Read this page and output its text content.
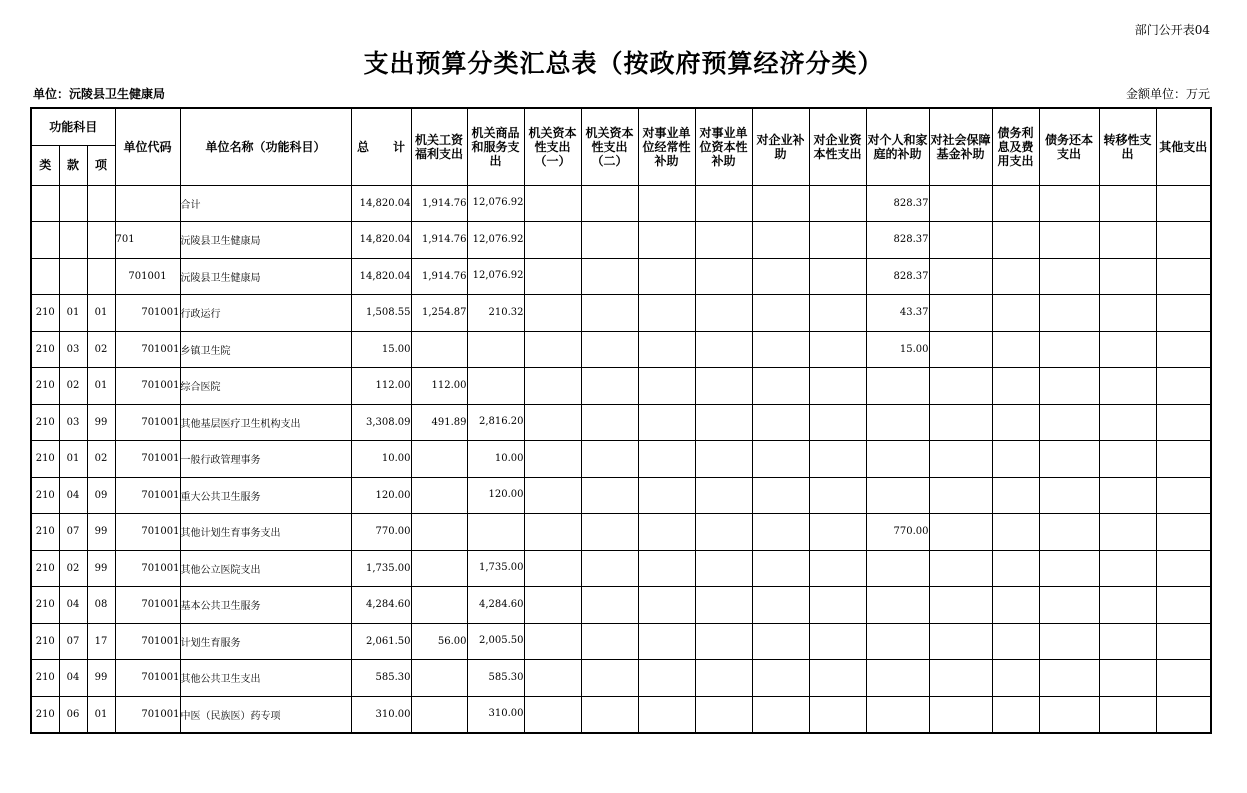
部门公开表04
支出预算分类汇总表（按政府预算经济分类）
单位：沅陵县卫生健康局	金额单位：万元
功能科目			单位代码	单位名称（功能科目）	总　　计	机关工资福利支出	机关商品和服务支出	机关资本性支出（一）	机关资本性支出（二）	对事业单位经常性补助	对事业单位资本性补助	对企业补助	对企业资本性支出	对个人和家庭的补助	对社会保障基金补助	债务利息及费用支出	债务还本支出	转移性支出	其他支出
类	款	项																	
				合计	14,820.04	1,914.76	12,076.92							828.37					
			701	沅陵县卫生健康局	14,820.04	1,914.76	12,076.92							828.37					
			701001	沅陵县卫生健康局	14,820.04	1,914.76	12,076.92							828.37					
210	01	01	701001	行政运行	1,508.55	1,254.87	210.32							43.37					
210	03	02	701001	乡镇卫生院	15.00									15.00					
210	02	01	701001	综合医院	112.00	112.00													
210	03	99	701001	其他基层医疗卫生机构支出	3,308.09	491.89	2,816.20												
210	01	02	701001	一般行政管理事务	10.00		10.00												
210	04	09	701001	重大公共卫生服务	120.00		120.00												
210	07	99	701001	其他计划生育事务支出	770.00									770.00					
210	02	99	701001	其他公立医院支出	1,735.00		1,735.00												
210	04	08	701001	基本公共卫生服务	4,284.60		4,284.60												
210	07	17	701001	计划生育服务	2,061.50	56.00	2,005.50												
210	04	99	701001	其他公共卫生支出	585.30		585.30												
210	06	01	701001	中医（民族医）药专项	310.00		310.00												
